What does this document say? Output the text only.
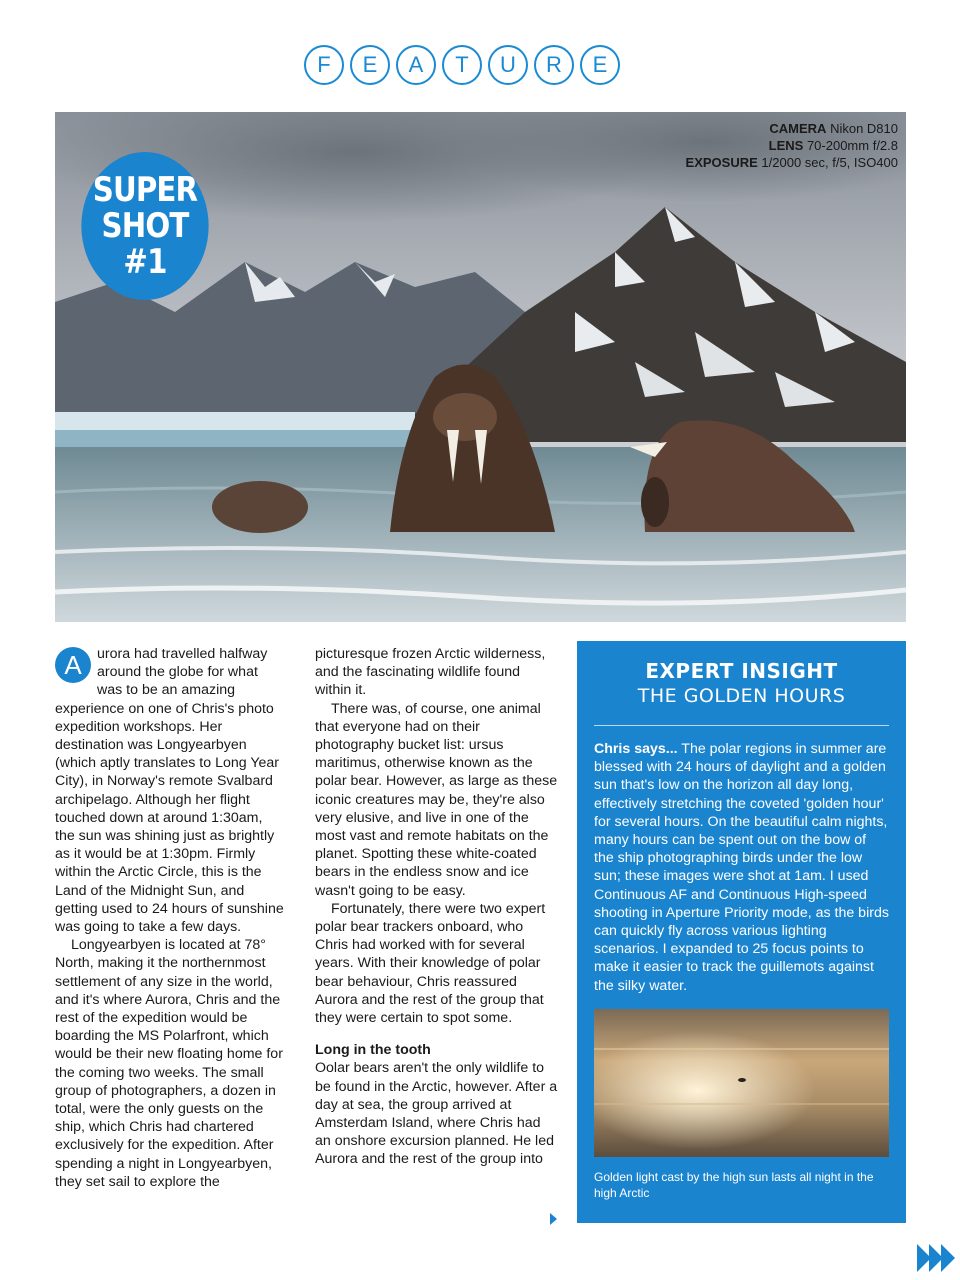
F	E	A	T	U	R	E
CAMERA Nikon D810
LENS 70-200mm f/2.8
EXPOSURE 1/2000 sec, f/5, ISO400
SUPER
SHOT
#1
A	urora had travelled halfway around the globe for what was to be an amazing experience on one of Chris's photo expedition workshops. Her destination was Longyearbyen (which aptly translates to Long Year City), in Norway's remote Svalbard archipelago. Although her flight touched down at around 1:30am, the sun was shining just as brightly as it would be at 1:30pm. Firmly within the Arctic Circle, this is the Land of the Midnight Sun, and getting used to 24 hours of sunshine was going to take a few days.

Longyearbyen is located at 78° North, making it the northernmost settlement of any size in the world, and it's where Aurora, Chris and the rest of the expedition would be boarding the MS Polarfront, which would be their new floating home for the coming two weeks. The small group of photographers, a dozen in total, were the only guests on the ship, which Chris had chartered exclusively for the expedition. After spending a night in Longyearbyen, they set sail to explore the

picturesque frozen Arctic wilderness, and the fascinating wildlife found within it.

There was, of course, one animal that everyone had on their photography bucket list: ursus maritimus, otherwise known as the polar bear. However, as large as these iconic creatures may be, they're also very elusive, and live in one of the most vast and remote habitats on the planet. Spotting these white-coated bears in the endless snow and ice wasn't going to be easy.

Fortunately, there were two expert polar bear trackers onboard, who Chris had worked with for several years. With their knowledge of polar bear behaviour, Chris reassured Aurora and the rest of the group that they were certain to spot some.

Long in the tooth

Oolar bears aren't the only wildlife to be found in the Arctic, however. After a day at sea, the group arrived at Amsterdam Island, where Chris had an onshore excursion planned. He led Aurora and the rest of the group into

EXPERT INSIGHT
THE GOLDEN HOURS
Chris says... The polar regions in summer are blessed with 24 hours of daylight and a golden sun that's low on the horizon all day long, effectively stretching the coveted 'golden hour' for several hours. On the beautiful calm nights, many hours can be spent out on the bow of the ship photographing birds under the low sun; these images were shot at 1am. I used Continuous AF and Continuous High-speed shooting in Aperture Priority mode, as the birds can quickly fly across various lighting scenarios. I expanded to 25 focus points to make it easier to track the guillemots against the silky water.
Golden light cast by the high sun lasts all night in the high Arctic
